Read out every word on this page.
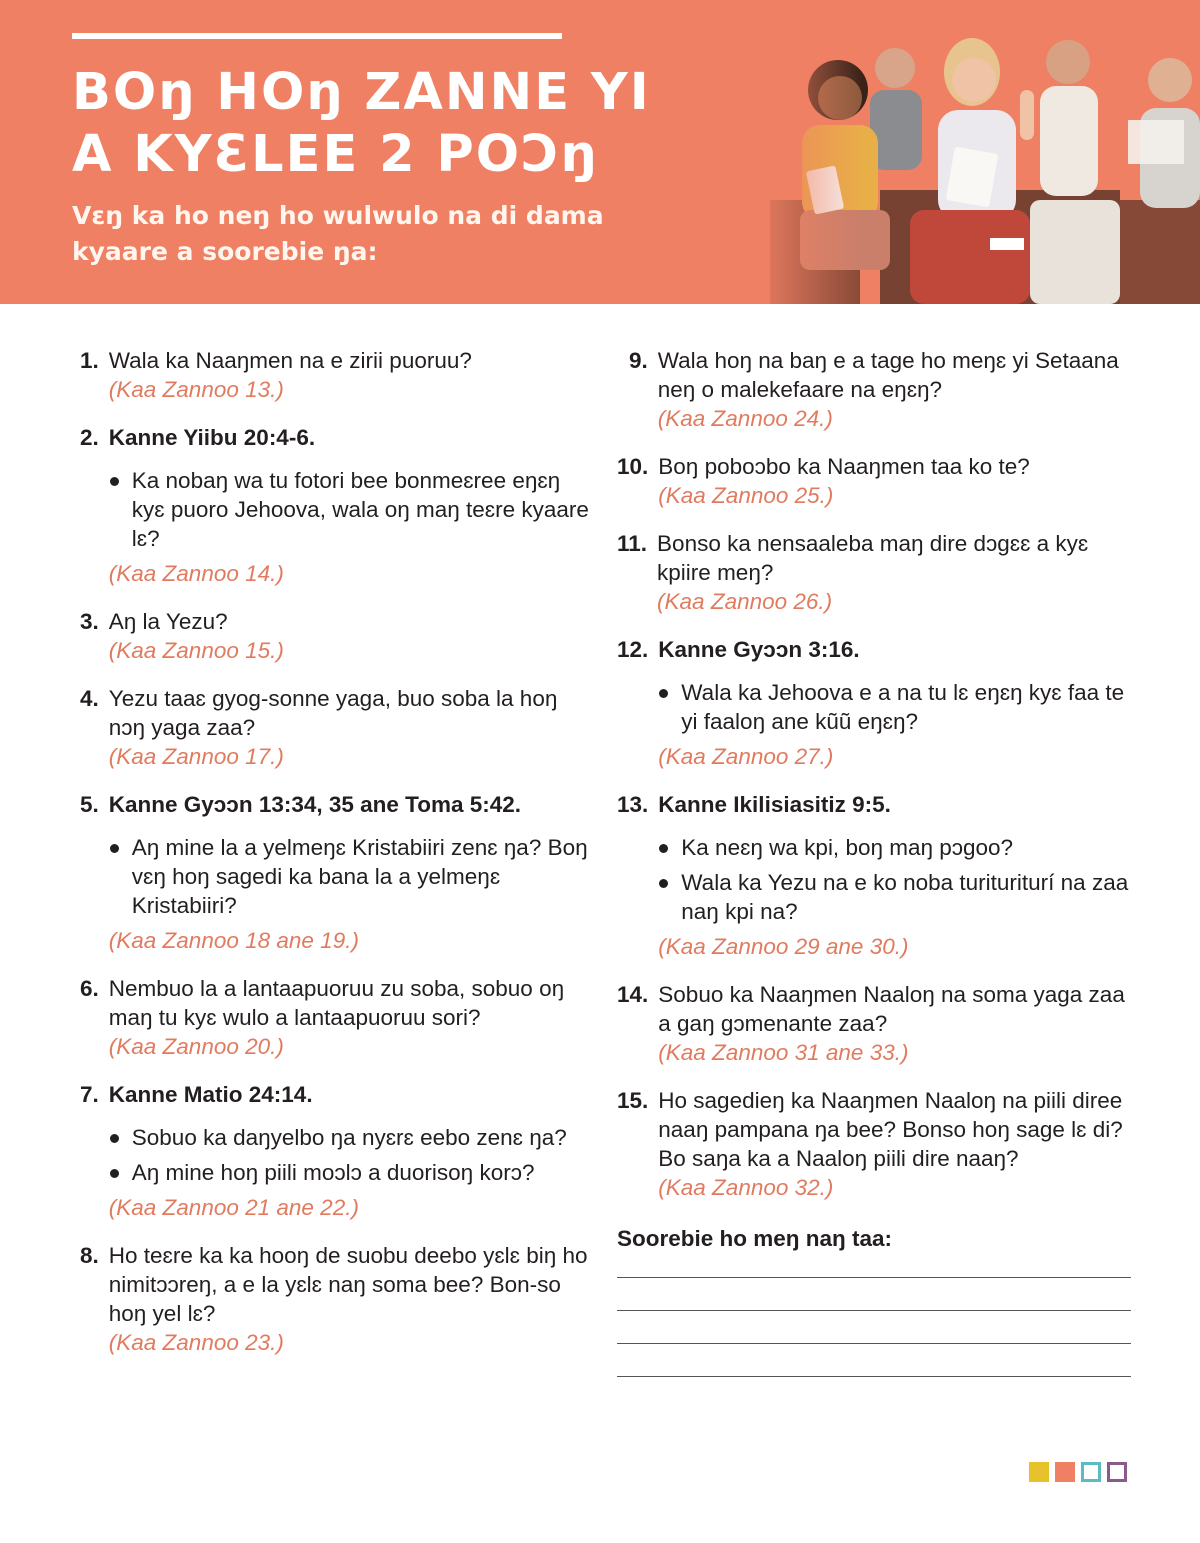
BOŋ HOŋ ZANNE YI
A KYƐLEE 2 POƆŋ

Vɛŋ ka ho neŋ ho wulwulo na di dama kyaare a soorebie ŋa:

1. Wala ka Naaŋmen na e zirii puoruu?
(Kaa Zannoo 13.)
2. Kanne Yiibu 20:4-6.
Ka nobaŋ wa tu fotori bee bonmeɛree eŋɛŋ kyɛ puoro Jehoova, wala oŋ maŋ teɛre kyaare lɛ?
(Kaa Zannoo 14.)
3. Aŋ la Yezu?
(Kaa Zannoo 15.)
4. Yezu taaɛ gyog-sonne yaga, buo soba la hoŋ nɔŋ yaga zaa?
(Kaa Zannoo 17.)
5. Kanne Gyɔɔn 13:34, 35 ane Toma 5:42.
Aŋ mine la a yelmeŋɛ Kristabiiri zenɛ ŋa? Boŋ vɛŋ hoŋ sagedi ka bana la a yelmeŋɛ Kristabiiri?
(Kaa Zannoo 18 ane 19.)
6. Nembuo la a lantaapuoruu zu soba, sobuo oŋ maŋ tu kyɛ wulo a lantaapuoruu sori?
(Kaa Zannoo 20.)
7. Kanne Matio 24:14.
Sobuo ka daŋyelbo ŋa nyɛrɛ eebo zenɛ ŋa?
Aŋ mine hoŋ piili moɔlɔ a duorisoŋ korɔ?
(Kaa Zannoo 21 ane 22.)
8. Ho teɛre ka ka hooŋ de suobu deebo yɛlɛ biŋ ho nimitɔɔreŋ, a e la yɛlɛ naŋ soma bee? Bon-so hoŋ yel lɛ?
(Kaa Zannoo 23.)
9. Wala hoŋ na baŋ e a tage ho meŋɛ yi Setaana neŋ o malekefaare na eŋɛŋ?
(Kaa Zannoo 24.)
10. Boŋ poboɔbo ka Naaŋmen taa ko te?
(Kaa Zannoo 25.)
11. Bonso ka nensaaleba maŋ dire dɔgɛɛ a kyɛ kpiire meŋ?
(Kaa Zannoo 26.)
12. Kanne Gyɔɔn 3:16.
Wala ka Jehoova e a na tu lɛ eŋɛŋ kyɛ faa te yi faaloŋ ane kũũ eŋɛŋ?
(Kaa Zannoo 27.)
13. Kanne Ikilisiasitiz 9:5.
Ka neɛŋ wa kpi, boŋ maŋ pɔgoo?
Wala ka Yezu na e ko noba turituriturí na zaa naŋ kpi na?
(Kaa Zannoo 29 ane 30.)
14. Sobuo ka Naaŋmen Naaloŋ na soma yaga zaa a gaŋ gɔmenante zaa?
(Kaa Zannoo 31 ane 33.)
15. Ho sagedieŋ ka Naaŋmen Naaloŋ na piili diree naaŋ pampana ŋa bee? Bonso hoŋ sage lɛ di? Bo saŋa ka a Naaloŋ piili dire naaŋ?
(Kaa Zannoo 32.)
Soorebie ho meŋ naŋ taa:
